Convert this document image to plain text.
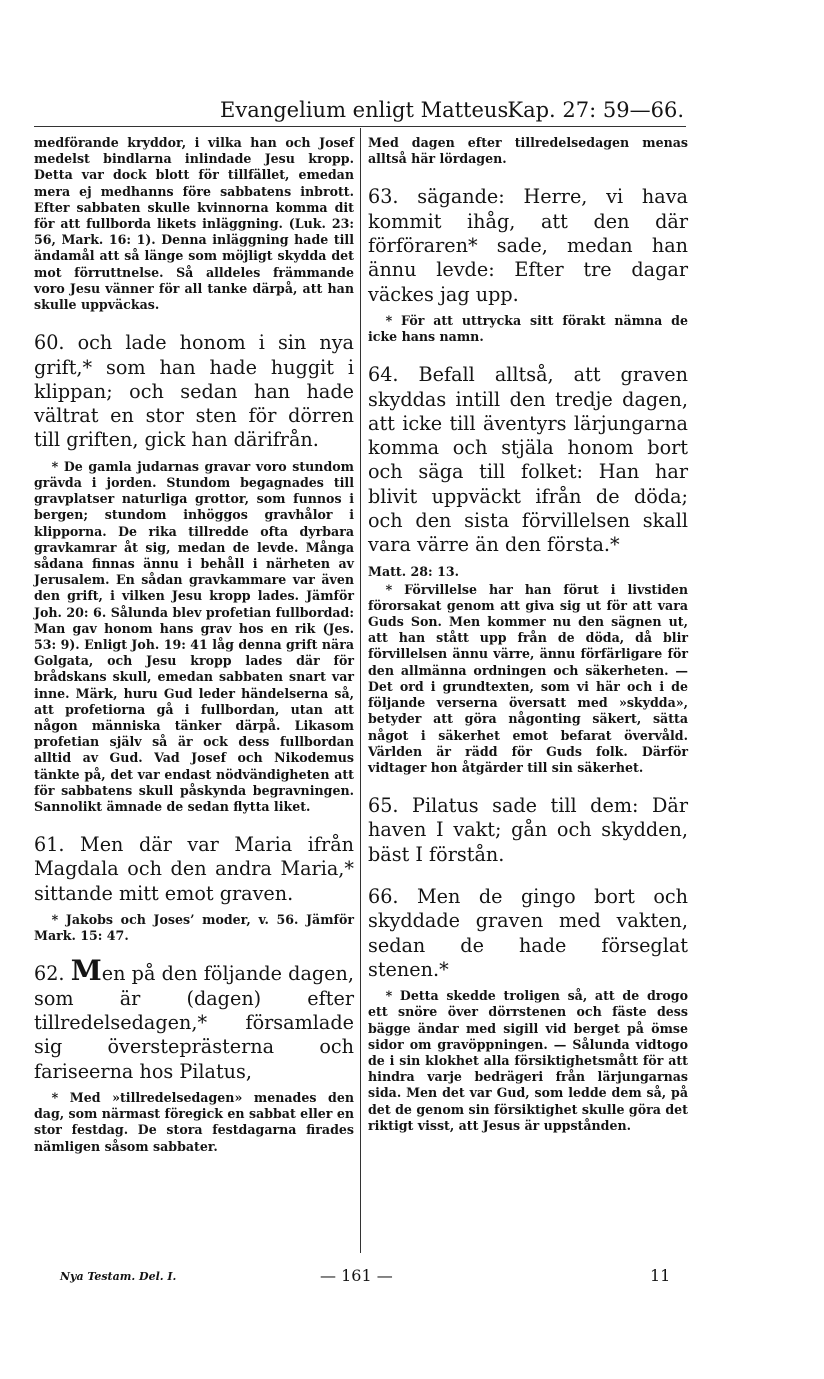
Evangelium enligt Matteus.
Kap. 27: 59—66.

medförande kryddor, i vilka han och Josef medelst bindlarna inlindade Jesu kropp. Detta var dock blott för tillfället, emedan mera ej medhanns före sabbatens inbrott. Efter sabbaten skulle kvinnorna komma dit för att fullborda likets inläggning. (Luk. 23: 56, Mark. 16: 1). Denna inläggning hade till ändamål att så länge som möjligt skydda det mot förruttnelse. Så alldeles främmande voro Jesu vänner för all tanke därpå, att han skulle uppväckas.

60. och lade honom i sin nya grift,* som han hade huggit i klippan; och sedan han hade vältrat en stor sten för dörren till griften, gick han därifrån.

* De gamla judarnas gravar voro stundom grävda i jorden. Stundom begagnades till gravplatser naturliga grottor, som funnos i bergen; stundom inhöggos gravhålor i klipporna. De rika tillredde ofta dyrbara gravkamrar åt sig, medan de levde. Många sådana finnas ännu i behåll i närheten av Jerusalem. En sådan gravkammare var även den grift, i vilken Jesu kropp lades. Jämför Joh. 20: 6. Sålunda blev profetian fullbordad: Man gav honom hans grav hos en rik (Jes. 53: 9). Enligt Joh. 19: 41 låg denna grift nära Golgata, och Jesu kropp lades där för brådskans skull, emedan sabbaten snart var inne. Märk, huru Gud leder händelserna så, att profetiorna gå i fullbordan, utan att någon människa tänker därpå. Likasom profetian själv så är ock dess fullbordan alltid av Gud. Vad Josef och Nikodemus tänkte på, det var endast nödvändigheten att för sabbatens skull påskynda begravningen. Sannolikt ämnade de sedan flytta liket.

61. Men där var Maria ifrån Magdala och den andra Maria,* sittande mitt emot graven.

* Jakobs och Joses’ moder, v. 56. Jämför Mark. 15: 47.

62. Men på den följande dagen, som är (dagen) efter tillredelsedagen,* församlade sig översteprästerna och fariseerna hos Pilatus,

* Med »tillredelsedagen» menades den dag, som närmast föregick en sabbat eller en stor festdag. De stora festdagarna firades nämligen såsom sabbater.

Med dagen efter tillredelsedagen menas alltså här lördagen.

63. sägande: Herre, vi hava kommit ihåg, att den där förföraren* sade, medan han ännu levde: Efter tre dagar väckes jag upp.

* För att uttrycka sitt förakt nämna de icke hans namn.

64. Befall alltså, att graven skyddas intill den tredje dagen, att icke till äventyrs lärjungarna komma och stjäla honom bort och säga till folket: Han har blivit uppväckt ifrån de döda; och den sista förvillelsen skall vara värre än den första.*

Matt. 28: 13.

* Förvillelse har han förut i livstiden förorsakat genom att giva sig ut för att vara Guds Son. Men kommer nu den sägnen ut, att han stått upp från de döda, då blir förvillelsen ännu värre, ännu förfärligare för den allmänna ordningen och säkerheten. — Det ord i grundtexten, som vi här och i de följande verserna översatt med »skydda», betyder att göra någonting säkert, sätta något i säkerhet emot befarat övervåld. Världen är rädd för Guds folk. Därför vidtager hon åtgärder till sin säkerhet.

65. Pilatus sade till dem: Där haven I vakt; gån och skydden, bäst I förstån.

66. Men de gingo bort och skyddade graven med vakten, sedan de hade förseglat stenen.*

* Detta skedde troligen så, att de drogo ett snöre över dörrstenen och fäste dess bägge ändar med sigill vid berget på ömse sidor om gravöppningen. — Sålunda vidtogo de i sin klokhet alla försiktighetsmått för att hindra varje bedrägeri från lärjungarnas sida. Men det var Gud, som ledde dem så, på det de genom sin försiktighet skulle göra det riktigt visst, att Jesus är uppstånden.

Nya Testam. Del. I.	— 161 —	11
